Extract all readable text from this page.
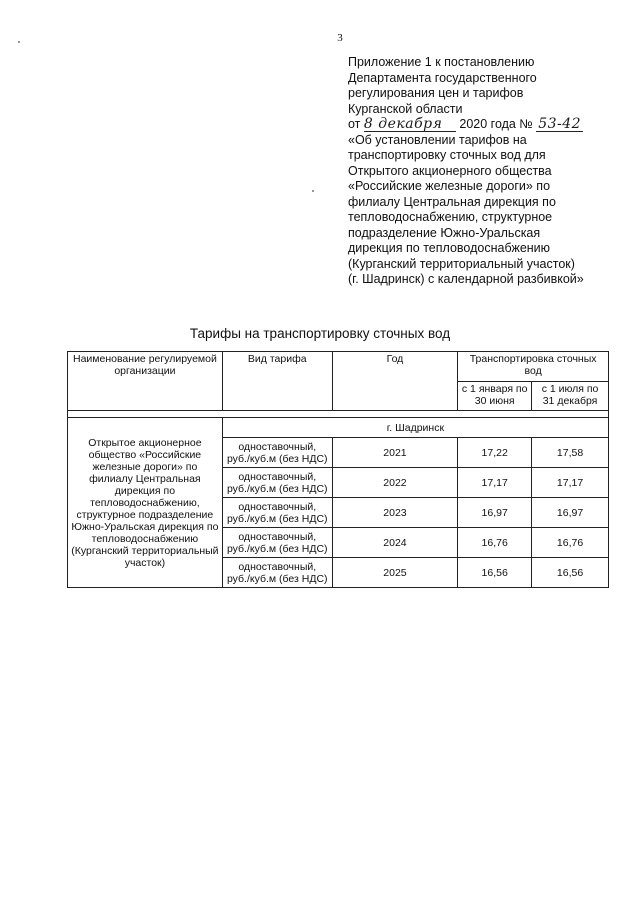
3
Приложение 1 к постановлению
Департамента государственного
регулирования цен и тарифов
Курганской области
от 8 декабря 2020 года № 53-42
«Об установлении тарифов на
транспортировку сточных вод для
Открытого акционерного общества
«Российские железные дороги» по
филиалу Центральная дирекция по
тепловодоснабжению, структурное
подразделение Южно-Уральская
дирекция по тепловодоснабжению
(Курганский территориальный участок)
(г. Шадринск) с календарной разбивкой»
Тарифы на транспортировку сточных вод
Наименование регулируемой организации	Вид тарифа	Год	Транспортировка сточных вод	
			с 1 января по 30 июня	с 1 июля по 31 декабря

Открытое акционерное общество «Российские железные дороги» по филиалу Центральная дирекция по тепловодоснабжению, структурное подразделение Южно-Уральская дирекция по тепловодоснабжению (Курганский территориальный участок)	г. Шадринск			
	одноставочный, руб./куб.м (без НДС)	2021	17,22	17,58
	одноставочный, руб./куб.м (без НДС)	2022	17,17	17,17
	одноставочный, руб./куб.м (без НДС)	2023	16,97	16,97
	одноставочный, руб./куб.м (без НДС)	2024	16,76	16,76
	одноставочный, руб./куб.м (без НДС)	2025	16,56	16,56
